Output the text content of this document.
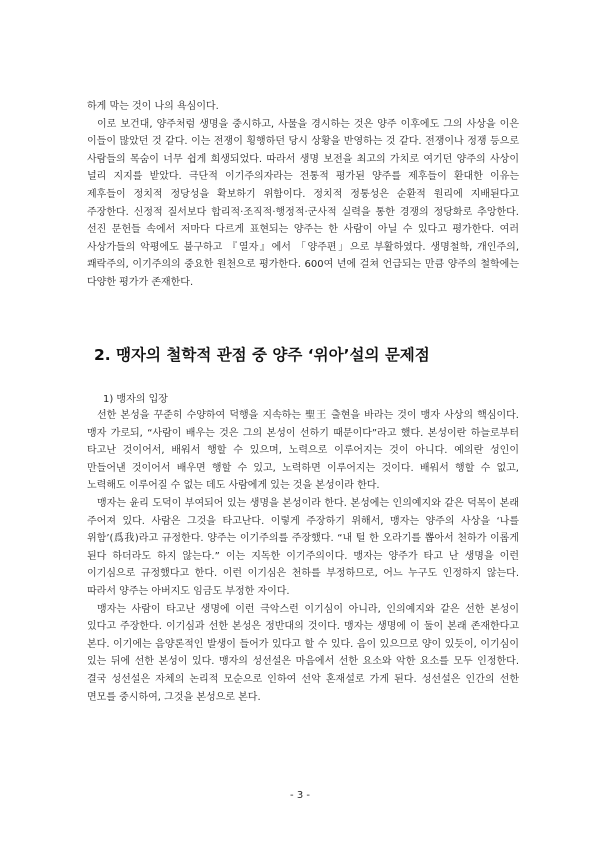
하게 막는 것이 나의 욕심이다.

이로 보건대, 양주처럼 생명을 중시하고, 사물을 경시하는 것은 양주 이후에도 그의 사상을 이은 이들이 많았던 것 같다. 이는 전쟁이 횡행하던 당시 상황을 반영하는 것 같다. 전쟁이나 정쟁 등으로 사람들의 목숨이 너무 쉽게 희생되었다. 따라서 생명 보전을 최고의 가치로 여기던 양주의 사상이 널리 지지를 받았다. 극단적 이기주의자라는 전통적 평가된 양주를 제후들이 환대한 이유는 제후들이 정치적 정당성을 확보하기 위함이다. 정치적 정통성은 순환적 원리에 지배된다고 주장한다. 신정적 질서보다 합리적·조직적·행정적·군사적 실력을 통한 경쟁의 정당화로 추앙한다. 선진 문헌들 속에서 저마다 다르게 표현되는 양주는 한 사람이 아닐 수 있다고 평가한다. 여러 사상가들의 악평에도 불구하고 『열자』에서 「양주편」으로 부활하였다. 생명철학, 개인주의, 쾌락주의, 이기주의의 중요한 원천으로 평가한다. 600여 년에 걸쳐 언급되는 만큼 양주의 철학에는 다양한 평가가 존재한다.

2. 맹자의 철학적 관점 중 양주 ‘위아’설의 문제점

1) 맹자의 입장

선한 본성을 꾸준히 수양하여 덕행을 지속하는 聖王 출현을 바라는 것이 맹자 사상의 핵심이다. 맹자 가로되, “사람이 배우는 것은 그의 본성이 선하기 때문이다”라고 했다. 본성이란 하늘로부터 타고난 것이어서, 배워서 행할 수 있으며, 노력으로 이루어지는 것이 아니다. 예의란 성인이 만들어낸 것이어서 배우면 행할 수 있고, 노력하면 이루어지는 것이다. 배워서 행할 수 없고, 노력해도 이루어질 수 없는 데도 사람에게 있는 것을 본성이라 한다.

맹자는 윤리 도덕이 부여되어 있는 생명을 본성이라 한다. 본성에는 인의예지와 같은 덕목이 본래 주어져 있다. 사람은 그것을 타고난다. 이렇게 주장하기 위해서, 맹자는 양주의 사상을 ‘나를 위함’(爲我)라고 규정한다. 양주는 이기주의를 주장했다. “내 털 한 오라기를 뽑아서 천하가 이롭게 된다 하더라도 하지 않는다.” 이는 지독한 이기주의이다. 맹자는 양주가 타고 난 생명을 이런 이기심으로 규정했다고 한다. 이런 이기심은 천하를 부정하므로, 어느 누구도 인정하지 않는다. 따라서 양주는 아버지도 임금도 부정한 자이다.

맹자는 사람이 타고난 생명에 이런 극악스런 이기심이 아니라, 인의예지와 같은 선한 본성이 있다고 주장한다. 이기심과 선한 본성은 정반대의 것이다. 맹자는 생명에 이 둘이 본래 존재한다고 본다. 이기에는 음양론적인 발생이 들어가 있다고 할 수 있다. 음이 있으므로 양이 있듯이, 이기심이 있는 뒤에 선한 본성이 있다. 맹자의 성선설은 마음에서 선한 요소와 악한 요소를 모두 인정한다. 결국 성선설은 자체의 논리적 모순으로 인하여 선악 혼재설로 가게 된다. 성선설은 인간의 선한 면모를 중시하여, 그것을 본성으로 본다.

- 3 -
